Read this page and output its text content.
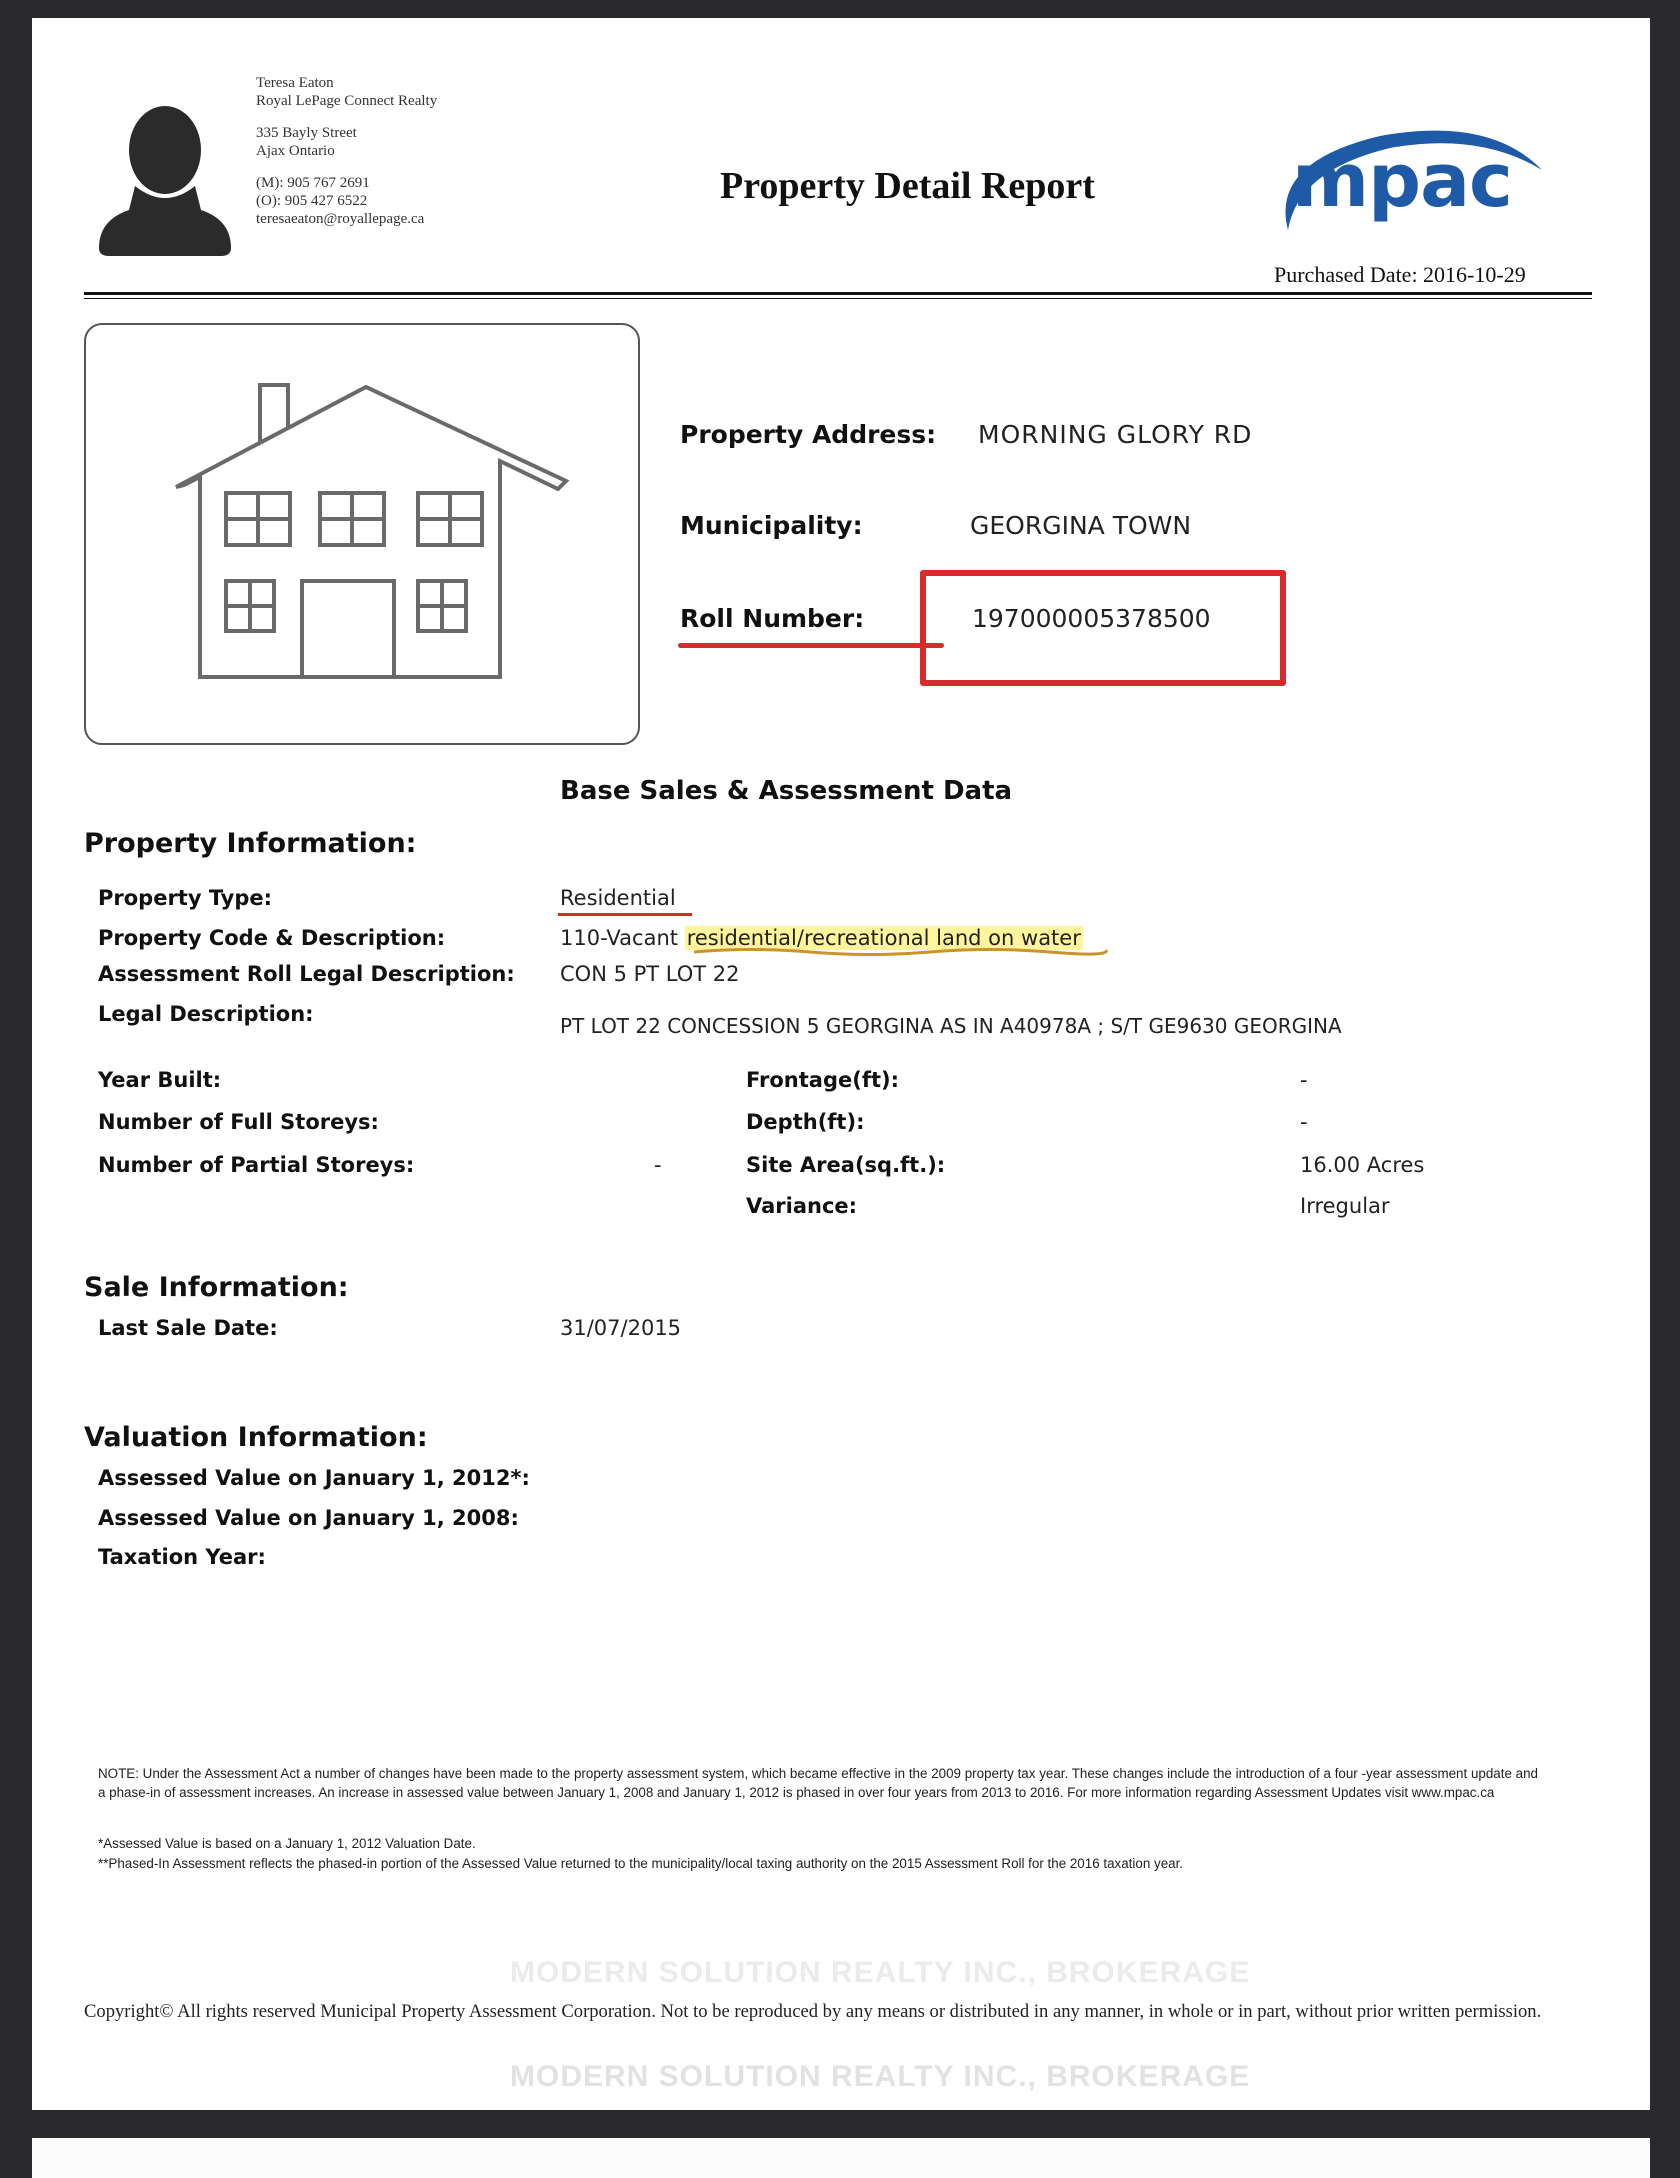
Teresa Eaton
Royal LePage Connect Realty
335 Bayly Street
Ajax Ontario
(M): 905 767 2691
(O): 905 427 6522
teresaeaton@royallepage.ca
Property Detail Report	mpac
Purchased Date: 2016-10-29
Property Address: MORNING GLORY RD
Municipality:	GEORGINA TOWN
Roll Number:	197000005378500
Base Sales & Assessment Data
Property Information:
Property Type:	Residential
Property Code & Description:	110-Vacant residential/recreational land on water
Assessment Roll Legal Description: CON 5 PT LOT 22
Legal Description:	PT LOT 22 CONCESSION 5 GEORGINA AS IN A40978A ; S/T GE9630 GEORGINA
Year Built:
Number of Full Storeys:
Number of Partial Storeys:	-
Frontage(ft):	-
Depth(ft):	-
Site Area(sq.ft.):	16.00 Acres
Variance:	Irregular
Sale Information:
Last Sale Date:	31/07/2015
Valuation Information:
Assessed Value on January 1, 2012*:
Assessed Value on January 1, 2008:
Taxation Year:
NOTE: Under the Assessment Act a number of changes have been made to the property assessment system, which became effective in the 2009 property tax year. These changes include the introduction of a four -year assessment update and a phase-in of assessment increases. An increase in assessed value between January 1, 2008 and January 1, 2012 is phased in over four years from 2013 to 2016. For more information regarding Assessment Updates visit www.mpac.ca
*Assessed Value is based on a January 1, 2012 Valuation Date.
**Phased-In Assessment reflects the phased-in portion of the Assessed Value returned to the municipality/local taxing authority on the 2015 Assessment Roll for the 2016 taxation year.
MODERN SOLUTION REALTY INC., BROKERAGE
Copyright© All rights reserved Municipal Property Assessment Corporation. Not to be reproduced by any means or distributed in any manner, in whole or in part, without prior written permission.
MODERN SOLUTION REALTY INC., BROKERAGE
